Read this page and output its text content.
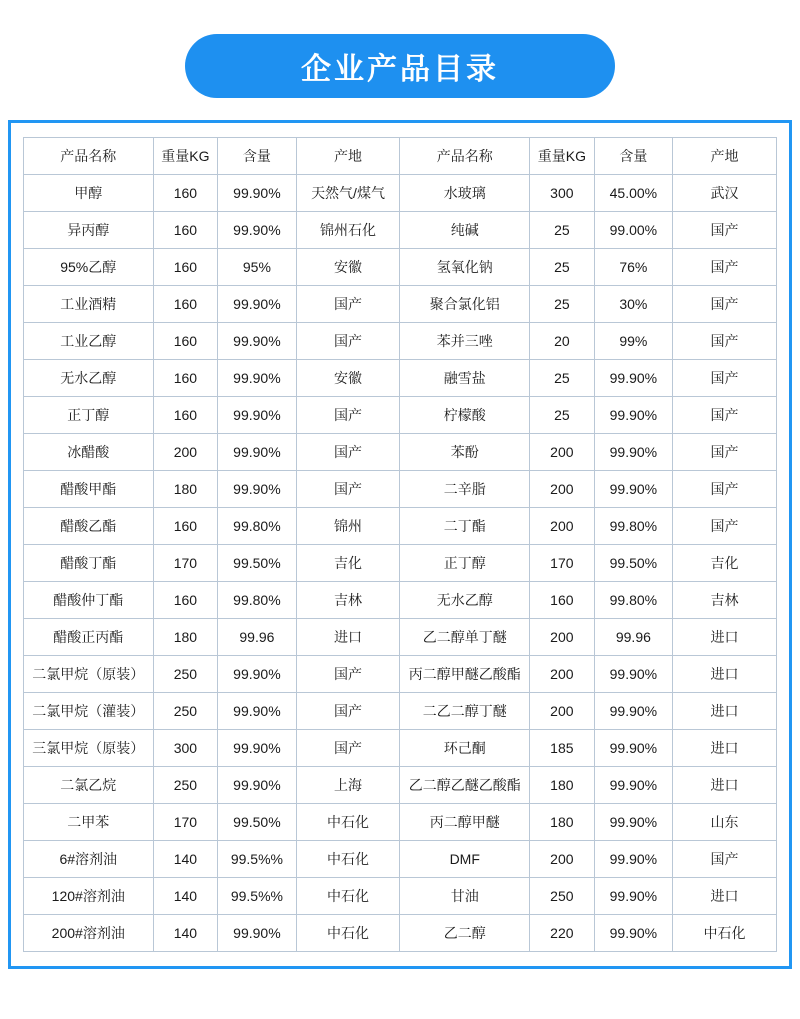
企业产品目录
产品名称	重量KG	含量	产地	产品名称	重量KG	含量	产地
甲醇	160	99.90%	天然气/煤气	水玻璃	300	45.00%	武汉
异丙醇	160	99.90%	锦州石化	纯碱	25	99.00%	国产
95%乙醇	160	95%	安徽	氢氧化钠	25	76%	国产
工业酒精	160	99.90%	国产	聚合氯化铝	25	30%	国产
工业乙醇	160	99.90%	国产	苯并三唑	20	99%	国产
无水乙醇	160	99.90%	安徽	融雪盐	25	99.90%	国产
正丁醇	160	99.90%	国产	柠檬酸	25	99.90%	国产
冰醋酸	200	99.90%	国产	苯酚	200	99.90%	国产
醋酸甲酯	180	99.90%	国产	二辛脂	200	99.90%	国产
醋酸乙酯	160	99.80%	锦州	二丁酯	200	99.80%	国产
醋酸丁酯	170	99.50%	吉化	正丁醇	170	99.50%	吉化
醋酸仲丁酯	160	99.80%	吉林	无水乙醇	160	99.80%	吉林
醋酸正丙酯	180	99.96	进口	乙二醇单丁醚	200	99.96	进口
二氯甲烷（原装）	250	99.90%	国产	丙二醇甲醚乙酸酯	200	99.90%	进口
二氯甲烷（灌装）	250	99.90%	国产	二乙二醇丁醚	200	99.90%	进口
三氯甲烷（原装）	300	99.90%	国产	环己酮	185	99.90%	进口
二氯乙烷	250	99.90%	上海	乙二醇乙醚乙酸酯	180	99.90%	进口
二甲苯	170	99.50%	中石化	丙二醇甲醚	180	99.90%	山东
6#溶剂油	140	99.5%%	中石化	DMF	200	99.90%	国产
120#溶剂油	140	99.5%%	中石化	甘油	250	99.90%	进口
200#溶剂油	140	99.90%	中石化	乙二醇	220	99.90%	中石化
